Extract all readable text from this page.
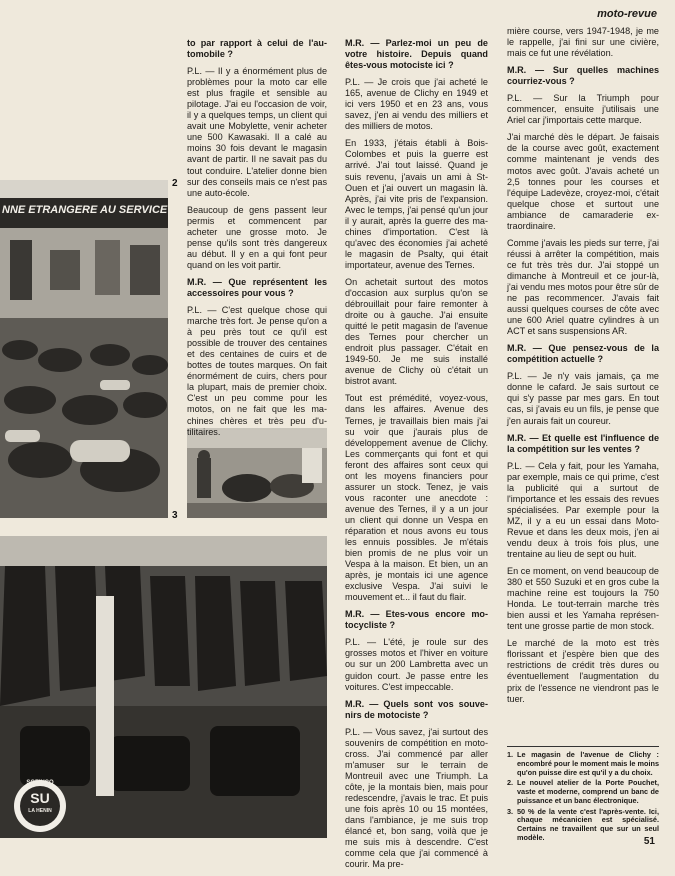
moto-revue
NNE ETRANGERE AU SERVICE
2
3
SOFINCO
SU
LA HENIN

to par rapport à celui de l'automobile ?

P.L. — Il y a énormément plus de problèmes pour la moto car elle est plus fragile et sensible au pilotage. J'ai eu l'occasion de voir, il y a quelques temps, un client qui avait une Mobylette, venir acheter une 500 Kawasaki. Il a calé au moins 30 fois devant le magasin avant de partir. Il ne savait pas du tout conduire. L'atelier donne bien sur des conseils mais ce n'est pas une auto-école.

Beaucoup de gens passent leur permis et commencent par acheter une grosse moto. Je pense qu'ils sont très dangereux au début. Il y en a qui font peur quand on les voit partir.

M.R. — Que représentent les accessoires pour vous ?

P.L. — C'est quelque chose qui marche très fort. Je pense qu'on a à peu près tout ce qu'il est possible de trouver des centaines et des centaines de cuirs et de bottes de toutes marques. On fait énormément de cuirs, chers pour la plupart, mais de premier choix. C'est un peu comme pour les motos, on ne fait que les machines chères et très peu d'utilitaires.

M.R. — Parlez-moi un peu de votre histoire. Depuis quand êtes-vous motociste ici ?

P.L. — Je crois que j'ai acheté le 165, avenue de Clichy en 1949 et ici vers 1950 et en 23 ans, vous savez, j'en ai vendu des milliers et des milliers de motos.

En 1933, j'étais établi à Bois-Colombes et puis la guerre est arrivé. J'ai tout laissé. Quand je suis revenu, j'avais un ami à St-Ouen et j'ai ouvert un magasin là. Après, j'ai vite pris de l'expansion. Avec le temps, j'ai pensé qu'un jour il y aurait, après la guerre des machines d'importation. C'est là qu'avec des économies j'ai acheté le magasin de Psalty, qui était importateur, avenue des Ternes.

On achetait surtout des motos d'occasion aux surplus qu'on se débrouillait pour faire remonter à droite ou à gauche. J'ai ensuite quitté le petit magasin de l'avenue des Ternes pour chercher un endroit plus passager. C'était en 1949-50. Je me suis installé avenue de Clichy où c'était un bistrot avant.

Tout est prémédité, voyez-vous, dans les affaires. Avenue des Ternes, je travaillais bien mais j'ai su voir que j'aurais plus de développement avenue de Clichy. Les commerçants qui font et qui feront des affaires sont ceux qui ont les moyens financiers pour assurer un stock. Tenez, je vais vous raconter une anecdote : avenue des Ternes, il y a un jour un client qui donne un Vespa en réparation et nous avons eu tous les ennuis possibles. Je m'étais bien promis de ne plus voir un Vespa à la maison. Et bien, un an après, je montais ici une agence exclusive Vespa. J'ai suivi le mouvement et... il faut du flair.

M.R. — Etes-vous encore motocycliste ?

P.L. — L'été, je roule sur des grosses motos et l'hiver en voiture ou sur un 200 Lambretta avec un guidon court. Je passe entre les voitures. C'est impeccable.

M.R. — Quels sont vos souvenirs de motociste ?

P.L. — Vous savez, j'ai surtout des souvenirs de compétition en moto-cross. J'ai commencé par aller m'amuser sur le terrain de Montreuil avec une Triumph. La côte, je la montais bien, mais pour redescendre, j'avais le trac. Et puis une fois après 10 ou 15 montées, dans l'ambiance, je me suis trop élancé et, bon sang, voilà que je me suis mis à descendre. C'est comme cela que j'ai commencé à courir. Ma pre-

mière course, vers 1947-1948, je me le rappelle, j'ai fini sur une civière, mais ce fut une révélation.

M.R. — Sur quelles machines courriez-vous ?

P.L. — Sur la Triumph pour commencer, ensuite j'utilisais une Ariel car j'importais cette marque.

J'ai marché dès le départ. Je faisais de la course avec goût, exactement comme maintenant je vends des motos avec goût. J'avais acheté un 2,5 tonnes pour les courses et l'équipe Ladevèze, croyez-moi, c'était quelque chose et surtout une ambiance de camaraderie extraordinaire.

Comme j'avais les pieds sur terre, j'ai réussi à arrêter la compétition, mais ce fut très très dur. J'ai stoppé un dimanche à Montreuil et ce jour-là, j'ai vendu mes motos pour être sûr de ne pas recommencer. J'avais fait aussi quelques courses de côte avec une 600 Ariel quatre cylindres à un ACT et sans suspensions AR.

M.R. — Que pensez-vous de la compétition actuelle ?

P.L. — Je n'y vais jamais, ça me donne le cafard. Je sais surtout ce qui s'y passe par mes gars. En tout cas, si j'avais eu un fils, je pense que j'en aurais fait un coureur.

M.R. — Et quelle est l'influence de la compétition sur les ventes ?

P.L. — Cela y fait, pour les Yamaha, par exemple, mais ce qui prime, c'est la publicité qui a surtout de l'importance et les essais des revues spécialisées. Par exemple pour la MZ, il y a eu un essai dans Moto-Revue et dans les deux mois, j'en ai vendu deux à trois fois plus, une trentaine au lieu de sept ou huit.

En ce moment, on vend beaucoup de 380 et 550 Suzuki et en gros cube la machine reine est toujours la 750 Honda. Le tout-terrain marche très bien aussi et les Yamaha représentent une grosse partie de mon stock.

Le marché de la moto est très florissant et j'espère bien que des restrictions de crédit très dures ou éventuellement l'augmentation du prix de l'essence ne viendront pas le tuer.

1. Le magasin de l'avenue de Clichy : encombré pour le moment mais le moins qu'on puisse dire est qu'il y a du choix.
2. Le nouvel atelier de la Porte Pouchet, vaste et moderne, comprend un banc de puissance et un banc électronique.
3. 50 % de la vente c'est l'après-vente. Ici, chaque mécanicien est spécialisé. Certains ne travaillent que sur un seul modèle.	51
